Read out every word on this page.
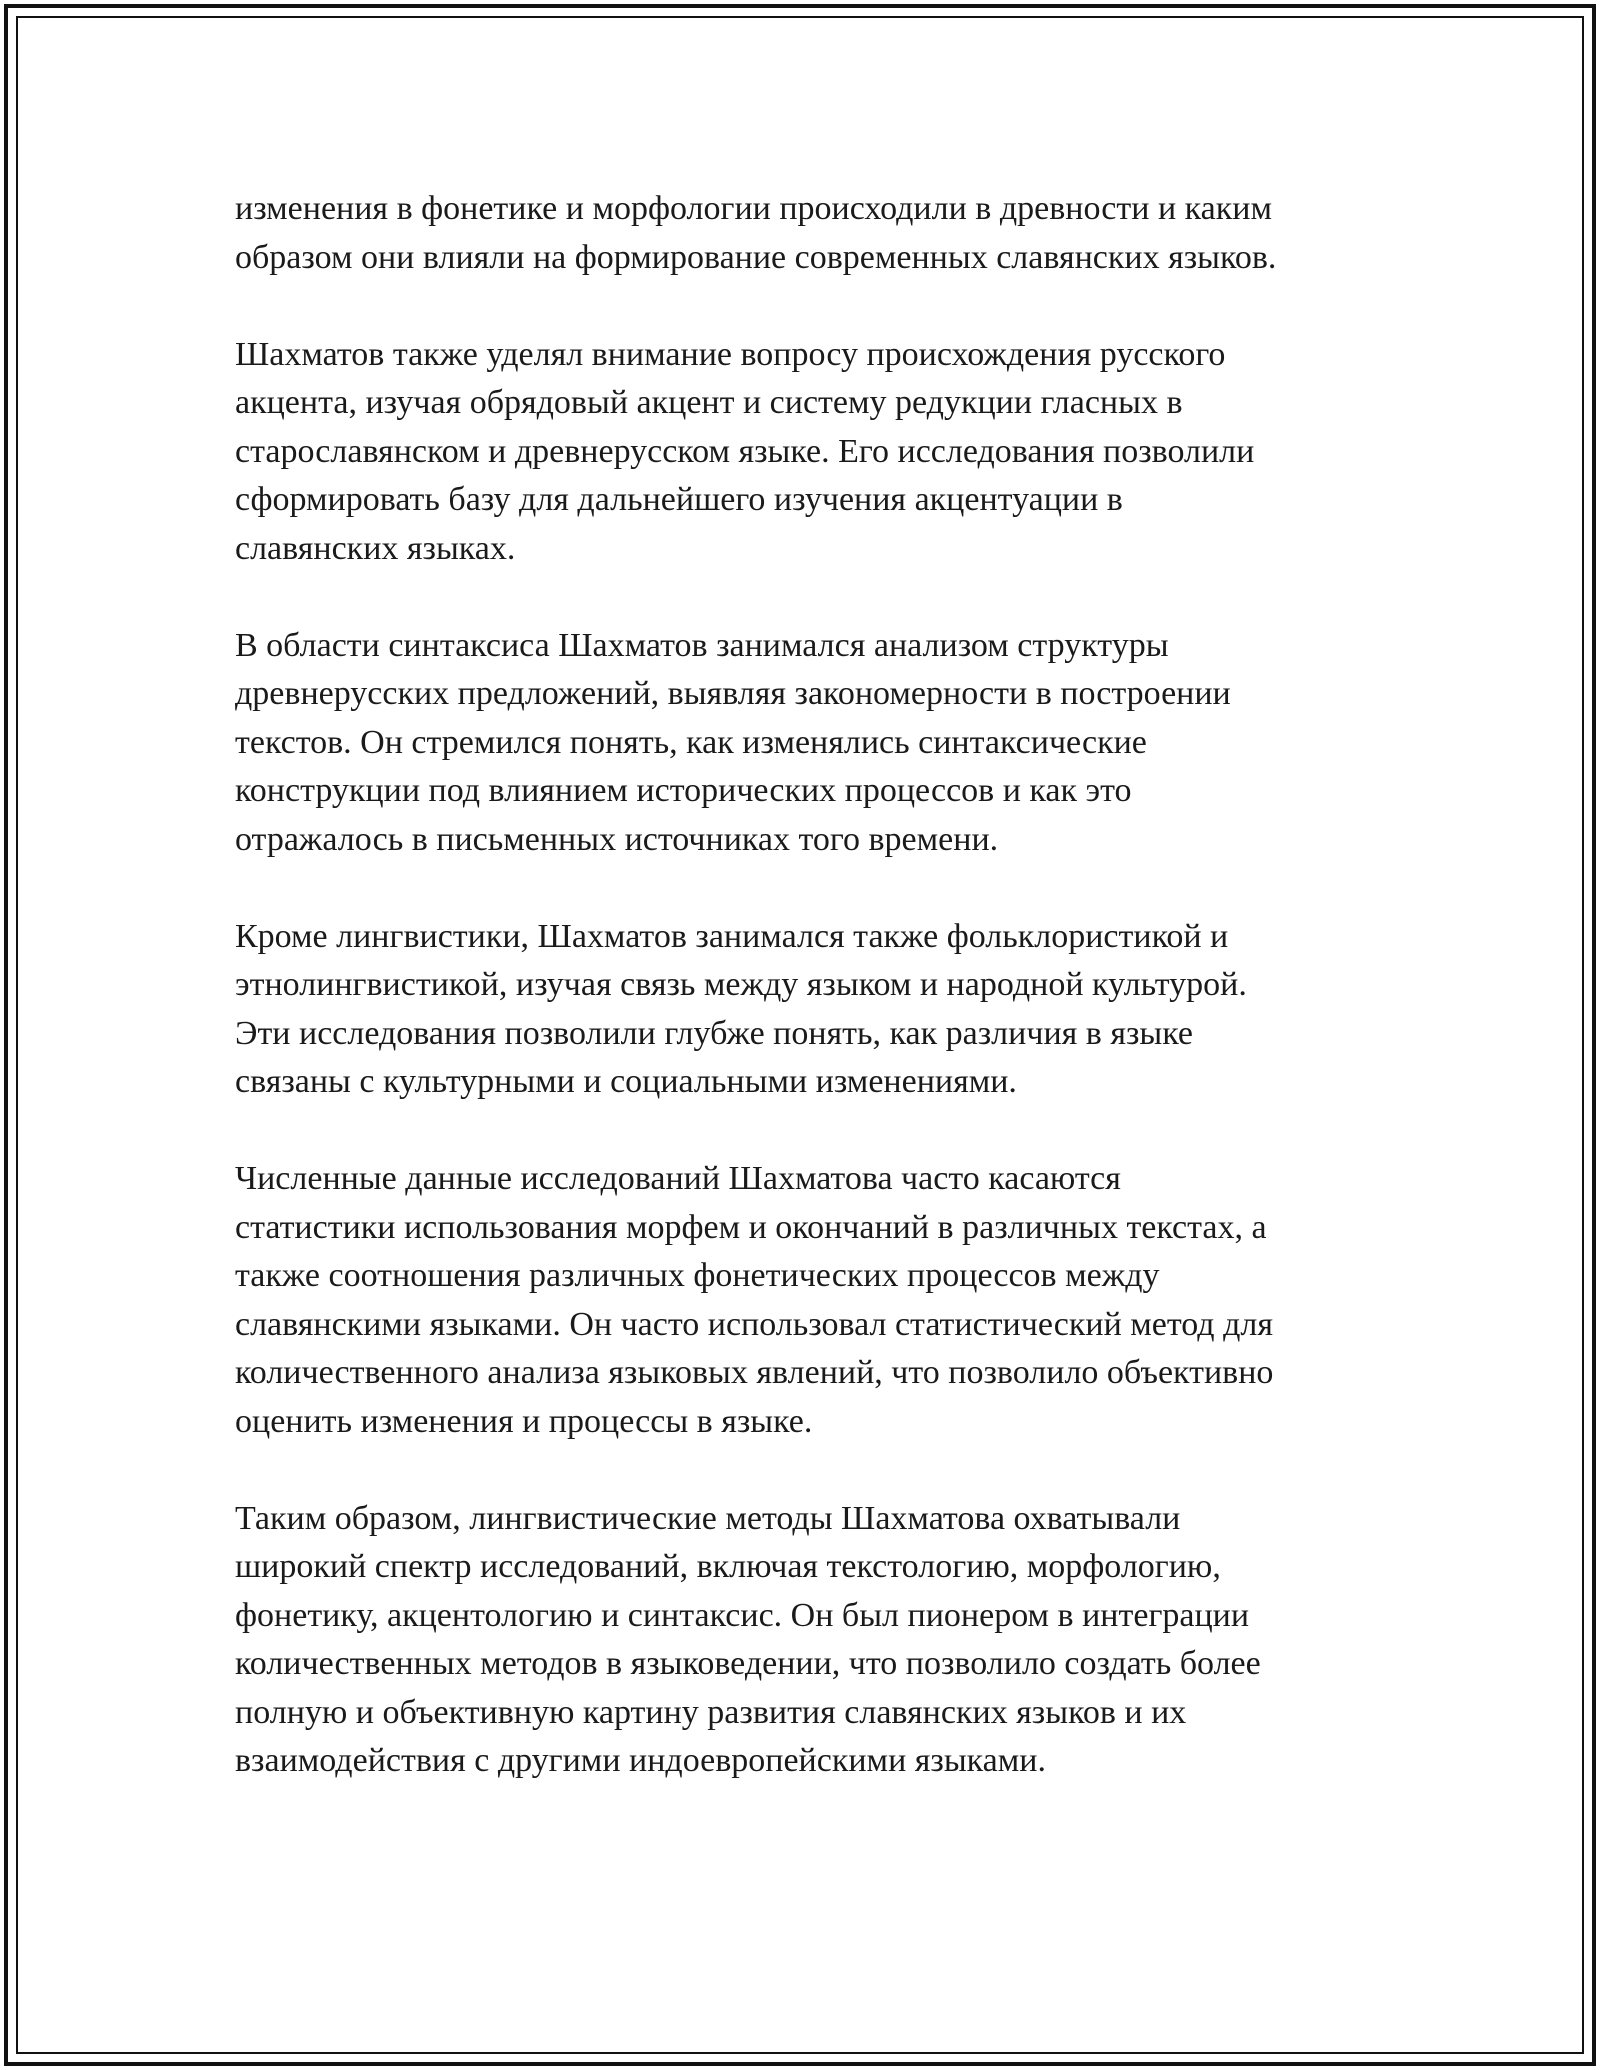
изменения в фонетике и морфологии происходили в древности и каким
образом они влияли на формирование современных славянских языков.

Шахматов также уделял внимание вопросу происхождения русского
акцента, изучая обрядовый акцент и систему редукции гласных в
старославянском и древнерусском языке. Его исследования позволили
сформировать базу для дальнейшего изучения акцентуации в
славянских языках.

В области синтаксиса Шахматов занимался анализом структуры
древнерусских предложений, выявляя закономерности в построении
текстов. Он стремился понять, как изменялись синтаксические
конструкции под влиянием исторических процессов и как это
отражалось в письменных источниках того времени.

Кроме лингвистики, Шахматов занимался также фольклористикой и
этнолингвистикой, изучая связь между языком и народной культурой.
Эти исследования позволили глубже понять, как различия в языке
связаны с культурными и социальными изменениями.

Численные данные исследований Шахматова часто касаются
статистики использования морфем и окончаний в различных текстах, а
также соотношения различных фонетических процессов между
славянскими языками. Он часто использовал статистический метод для
количественного анализа языковых явлений, что позволило объективно
оценить изменения и процессы в языке.

Таким образом, лингвистические методы Шахматова охватывали
широкий спектр исследований, включая текстологию, морфологию,
фонетику, акцентологию и синтаксис. Он был пионером в интеграции
количественных методов в языковедении, что позволило создать более
полную и объективную картину развития славянских языков и их
взаимодействия с другими индоевропейскими языками.
